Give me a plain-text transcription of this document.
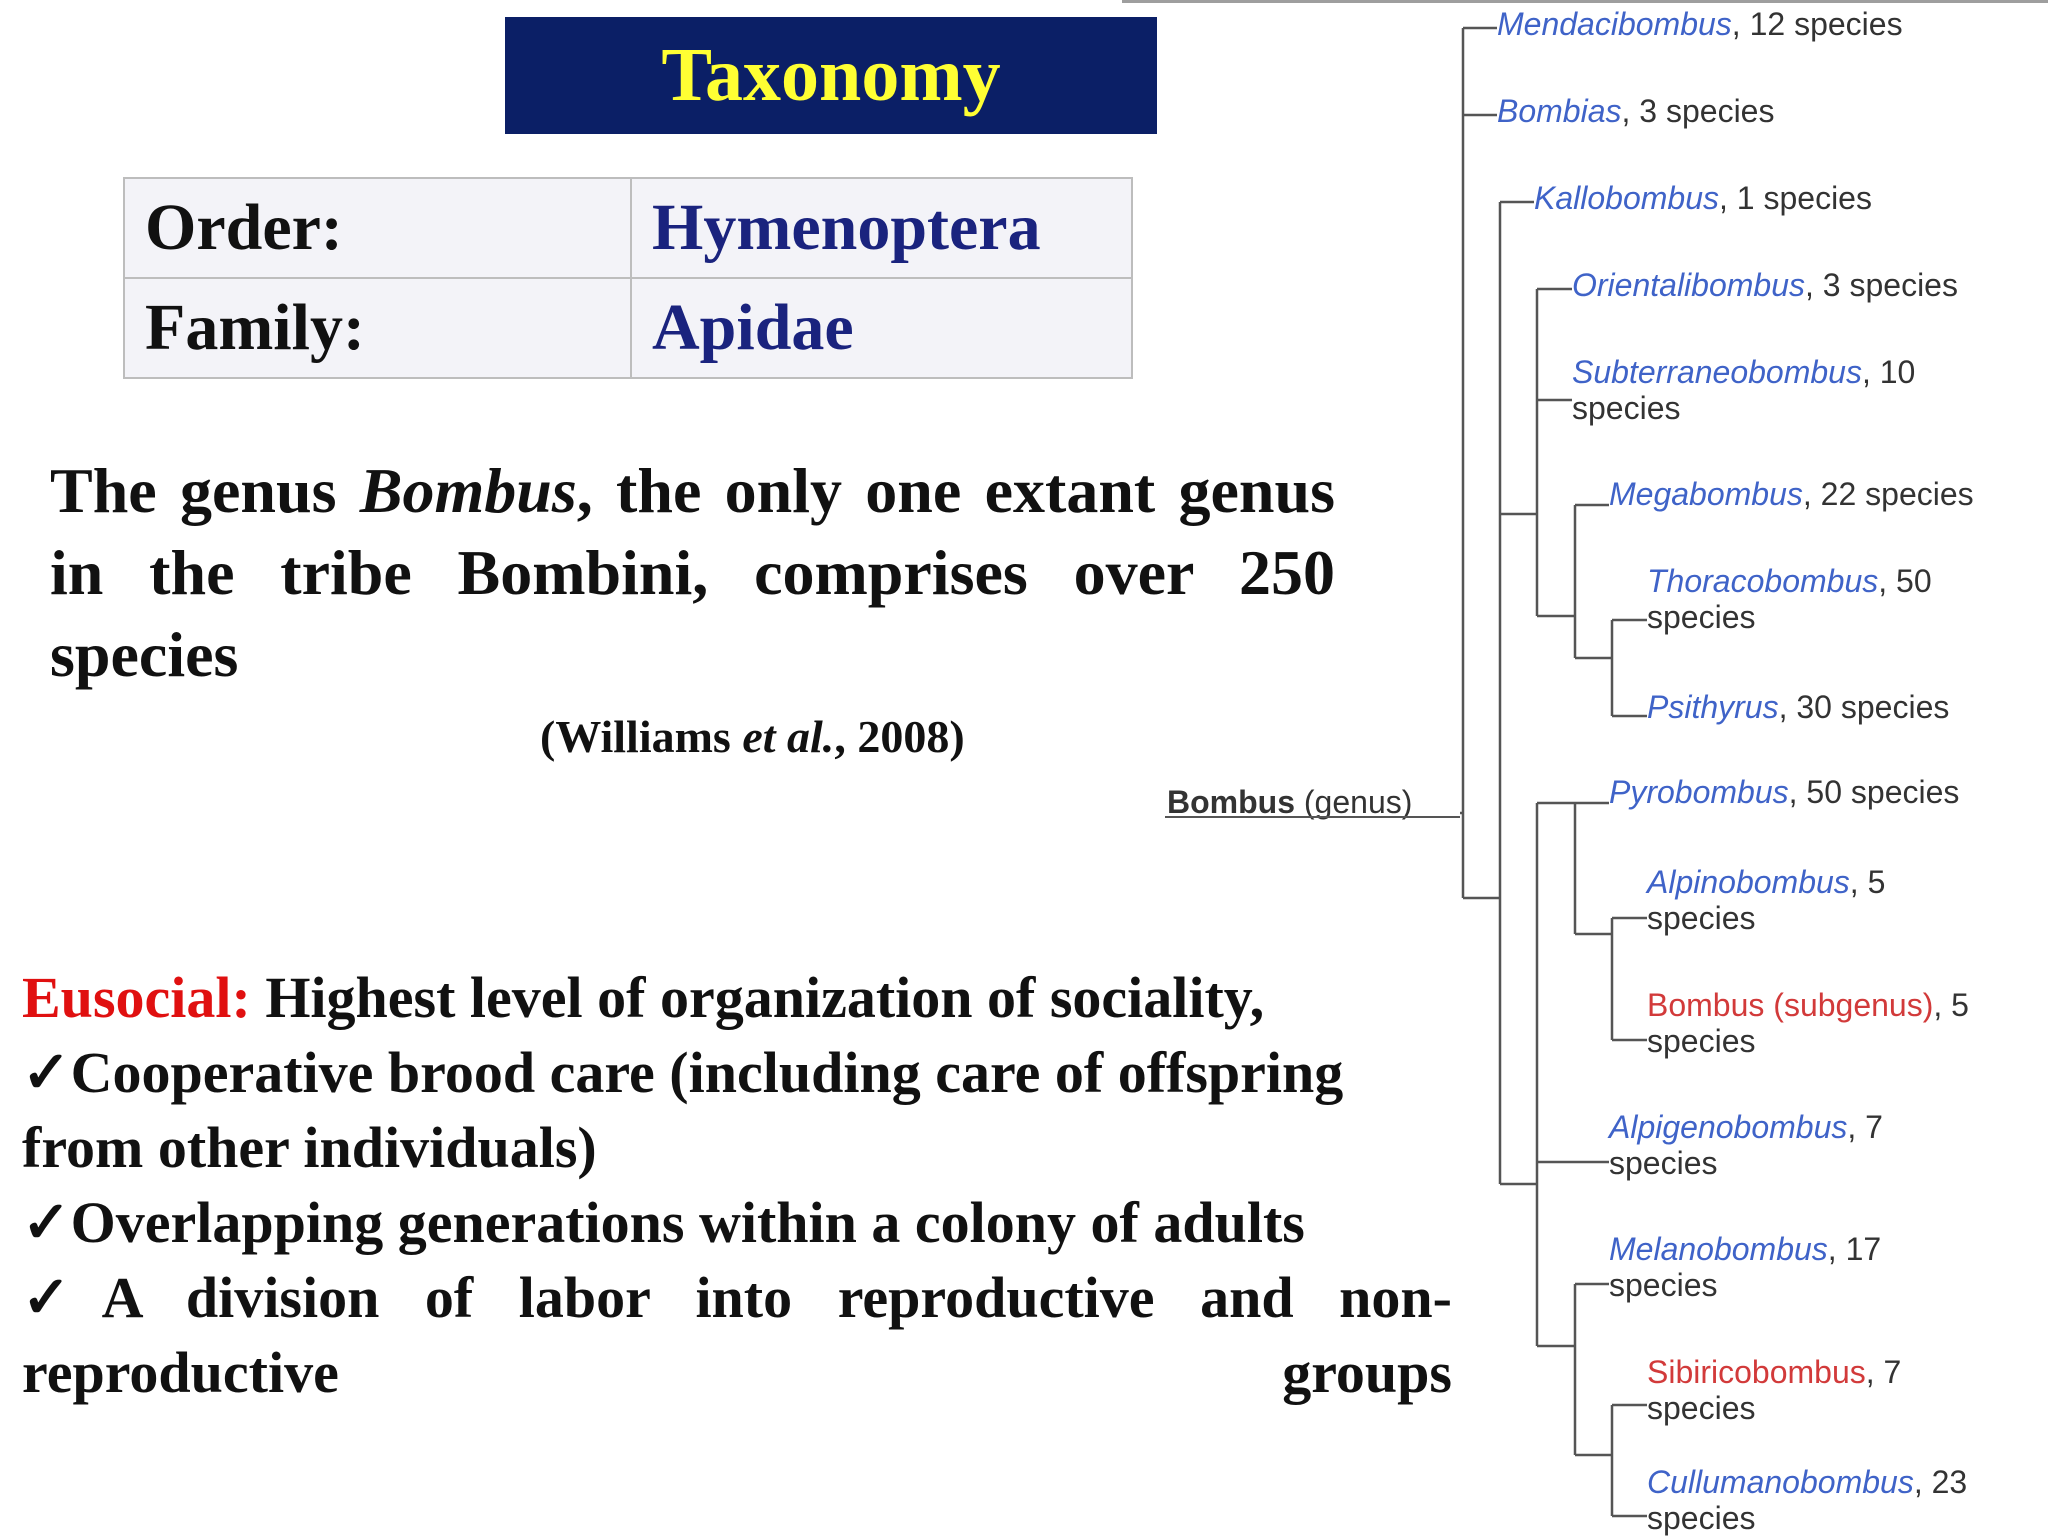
Taxonomy
Order:	Hymenoptera
Family:	Apidae
The genus Bombus, the only one extant genus in the tribe Bombini, comprises over 250 species
(Williams et al., 2008)
Eusocial: Highest level of organization of sociality,
✓Cooperative brood care (including care of offspring from other individuals)
✓Overlapping generations within a colony of adults
✓A division of labor into reproductive and non-reproductive groups
Bombus (genus)
Mendacibombus, 12 species
Bombias, 3 species
Kallobombus, 1 species
Orientalibombus, 3 species
Subterraneobombus, 10
species
Megabombus, 22 species
Thoracobombus, 50
species
Psithyrus, 30 species
Pyrobombus, 50 species
Alpinobombus, 5
species
Bombus (subgenus), 5
species
Alpigenobombus, 7
species
Melanobombus, 17
species
Sibiricobombus, 7
species
Cullumanobombus, 23
species
